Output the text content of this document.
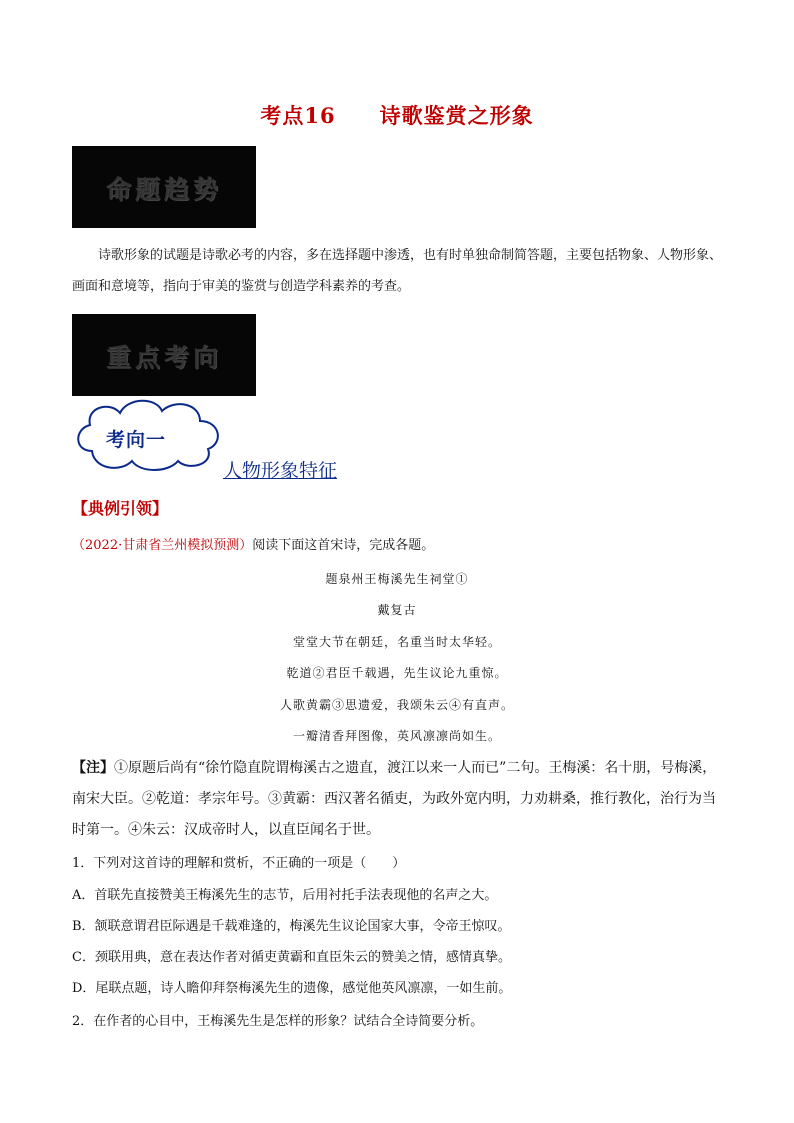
考点16 诗歌鉴赏之形象
命题趋势
诗歌形象的试题是诗歌必考的内容，多在选择题中渗透，也有时单独命制简答题，主要包括物象、人物形象、画面和意境等，指向于审美的鉴赏与创造学科素养的考查。
重点考向
考向一
人物形象特征
【典例引领】
（2022·甘肃省兰州模拟预测）阅读下面这首宋诗，完成各题。
题泉州王梅溪先生祠堂①
戴复古
堂堂大节在朝廷，名重当时太华轻。
乾道②君臣千载遇，先生议论九重惊。
人歌黄霸③思遗爱，我颂朱云④有直声。
一瓣清香拜图像，英风凛凛尚如生。
【注】①原题后尚有“徐竹隐直院谓梅溪古之遗直，渡江以来一人而已”二句。王梅溪：名十朋，号梅溪，南宋大臣。②乾道：孝宗年号。③黄霸：西汉著名循吏，为政外宽内明，力劝耕桑，推行教化，治行为当时第一。④朱云：汉成帝时人，以直臣闻名于世。
1．下列对这首诗的理解和赏析，不正确的一项是（　　）
A．首联先直接赞美王梅溪先生的志节，后用衬托手法表现他的名声之大。
B．颔联意谓君臣际遇是千载难逢的，梅溪先生议论国家大事，令帝王惊叹。
C．颈联用典，意在表达作者对循吏黄霸和直臣朱云的赞美之情，感情真挚。
D．尾联点题，诗人瞻仰拜祭梅溪先生的遗像，感觉他英风凛凛，一如生前。
2．在作者的心目中，王梅溪先生是怎样的形象？试结合全诗简要分析。
